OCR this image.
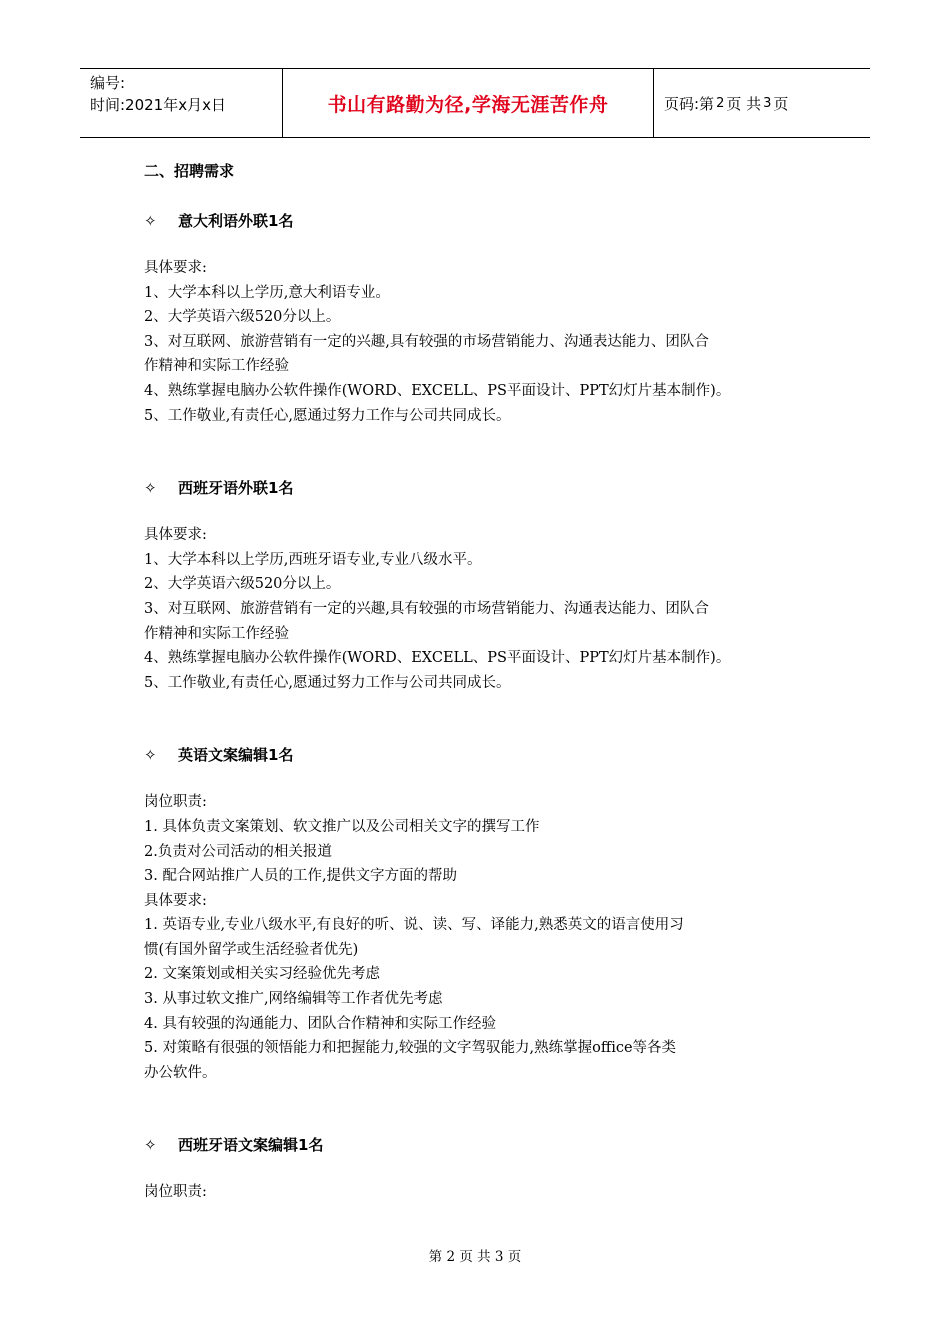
编号:
时间:2021年x月x日	书山有路勤为径,学海无涯苦作舟	页码:第 2 页 共 3 页
二、招聘需求
✧ 意大利语外联1名
具体要求:
1、大学本科以上学历,意大利语专业。
2、大学英语六级520分以上。
3、对互联网、旅游营销有一定的兴趣,具有较强的市场营销能力、沟通表达能力、团队合
作精神和实际工作经验
4、熟练掌握电脑办公软件操作(WORD、EXCELL、PS平面设计、PPT幻灯片基本制作)。
5、工作敬业,有责任心,愿通过努力工作与公司共同成长。
✧ 西班牙语外联1名
具体要求:
1、大学本科以上学历,西班牙语专业,专业八级水平。
2、大学英语六级520分以上。
3、对互联网、旅游营销有一定的兴趣,具有较强的市场营销能力、沟通表达能力、团队合
作精神和实际工作经验
4、熟练掌握电脑办公软件操作(WORD、EXCELL、PS平面设计、PPT幻灯片基本制作)。
5、工作敬业,有责任心,愿通过努力工作与公司共同成长。
✧ 英语文案编辑1名
岗位职责:
1. 具体负责文案策划、软文推广以及公司相关文字的撰写工作
2.负责对公司活动的相关报道
3. 配合网站推广人员的工作,提供文字方面的帮助
具体要求:
1. 英语专业,专业八级水平,有良好的听、说、读、写、译能力,熟悉英文的语言使用习
惯(有国外留学或生活经验者优先)
2. 文案策划或相关实习经验优先考虑
3. 从事过软文推广,网络编辑等工作者优先考虑
4. 具有较强的沟通能力、团队合作精神和实际工作经验
5. 对策略有很强的领悟能力和把握能力,较强的文字驾驭能力,熟练掌握office等各类
办公软件。
✧ 西班牙语文案编辑1名
岗位职责:
第 2 页 共 3 页
